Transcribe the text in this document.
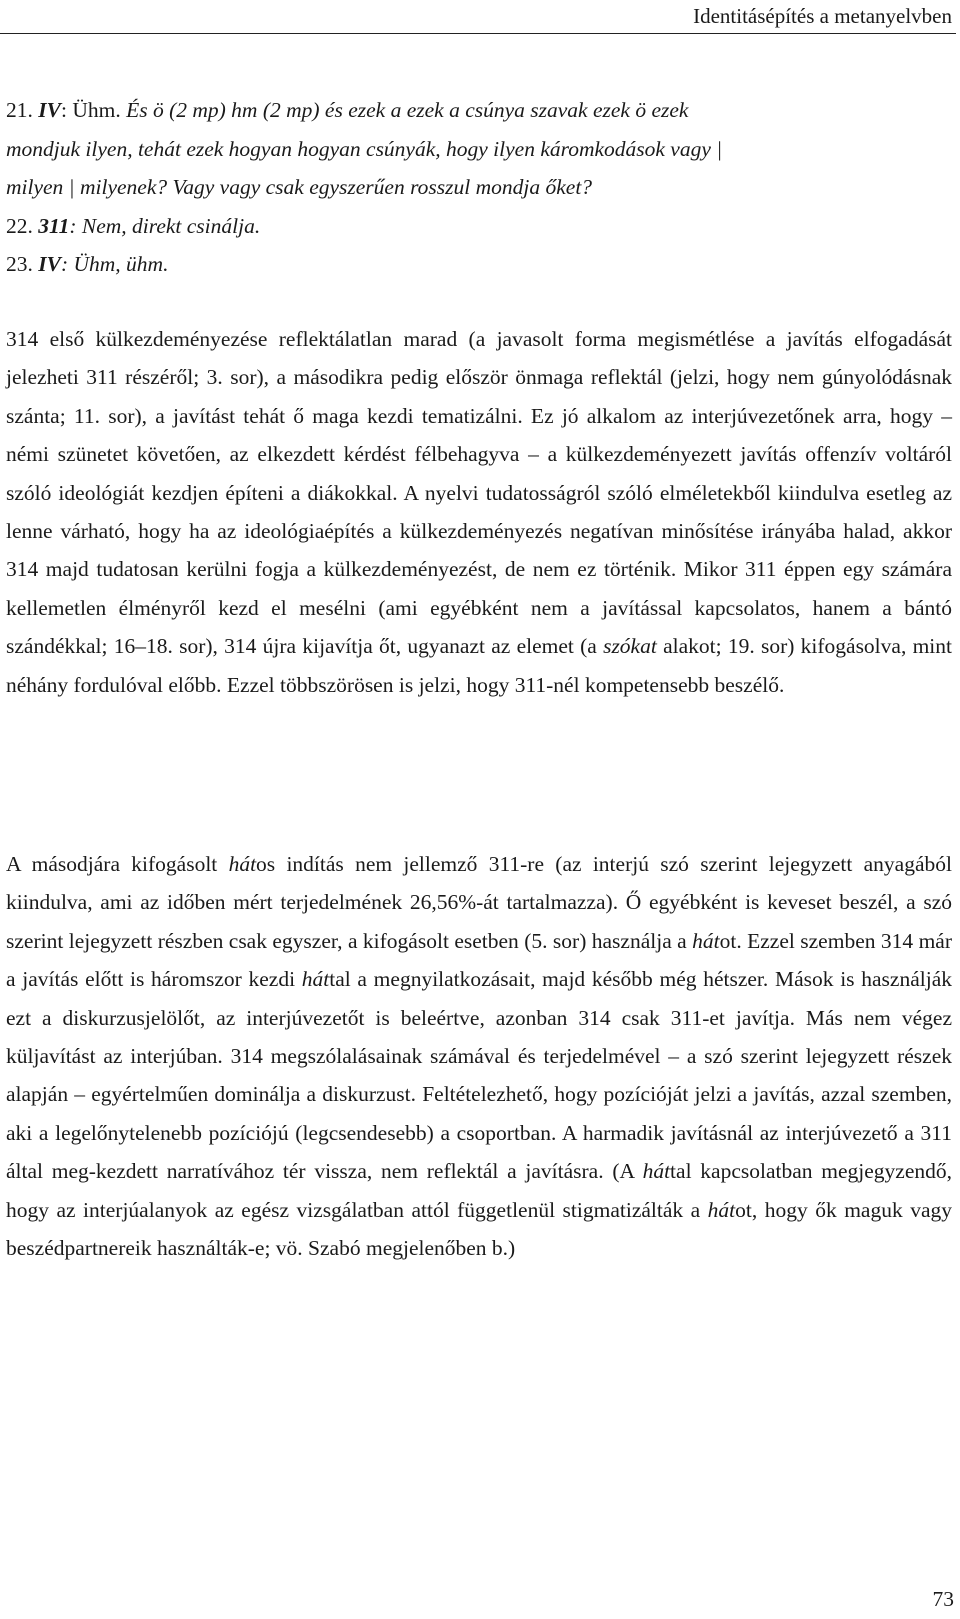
Identitásépítés a metanyelvben
21. IV: Ühm. És ö (2 mp) hm (2 mp) és ezek a ezek a csúnya szavak ezek ö ezek
mondjuk ilyen, tehát ezek hogyan hogyan csúnyák, hogy ilyen káromkodások vagy |
milyen | milyenek? Vagy vagy csak egyszerűen rosszul mondja őket?
22. 311: Nem, direkt csinálja.
23. IV: Ühm, ühm.
314 első külkezdeményezése reflektálatlan marad (a javasolt forma megismétlése a javítás elfogadását jelezheti 311 részéről; 3. sor), a másodikra pedig először önmaga reflektál (jelzi, hogy nem gúnyolódásnak szánta; 11. sor), a javítást tehát ő maga kezdi tematizálni. Ez jó alkalom az interjúvezetőnek arra, hogy – némi szünetet követően, az elkezdett kérdést félbehagyva – a külkezdeményezett javítás offenzív voltáról szóló ideológiát kezdjen építeni a diákokkal. A nyelvi tudatosságról szóló elméletekből kiindulva esetleg az lenne várható, hogy ha az ideológiaépítés a külkezdeményezés negatívan minősítése irányába halad, akkor 314 majd tudatosan kerülni fogja a külkezdeményezést, de nem ez történik. Mikor 311 éppen egy számára kellemetlen élményről kezd el mesélni (ami egyébként nem a javítással kapcsolatos, hanem a bántó szándékkal; 16–18. sor), 314 újra kijavítja őt, ugyanazt az elemet (a szókat alakot; 19. sor) kifogásolva, mint néhány fordulóval előbb. Ezzel többszörösen is jelzi, hogy 311-nél kompetensebb beszélő.
A másodjára kifogásolt hátos indítás nem jellemző 311-re (az interjú szó szerint lejegyzett anyagából kiindulva, ami az időben mért terjedelmének 26,56%-át tartalmazza). Ő egyébként is keveset beszél, a szó szerint lejegyzett részben csak egyszer, a kifogásolt esetben (5. sor) használja a hátot. Ezzel szemben 314 már a javítás előtt is háromszor kezdi háttal a megnyilatkozásait, majd később még hétszer. Mások is használják ezt a diskurzusjelölőt, az interjúvezetőt is beleértve, azonban 314 csak 311-et javítja. Más nem végez küljavítást az interjúban. 314 megszólalásainak számával és terjedelmével – a szó szerint lejegyzett részek alapján – egyértelműen dominálja a diskurzust. Feltételezhető, hogy pozícióját jelzi a javítás, azzal szemben, aki a legelőnytelenebb pozíciójú (legcsendesebb) a csoportban. A harmadik javításnál az interjúvezető a 311 által meg-kezdett narratívához tér vissza, nem reflektál a javításra. (A háttal kapcsolatban megjegyzendő, hogy az interjúalanyok az egész vizsgálatban attól függetlenül stigmatizálták a hátot, hogy ők maguk vagy beszédpartnereik használták-e; vö. Szabó megjelenőben b.)
73
